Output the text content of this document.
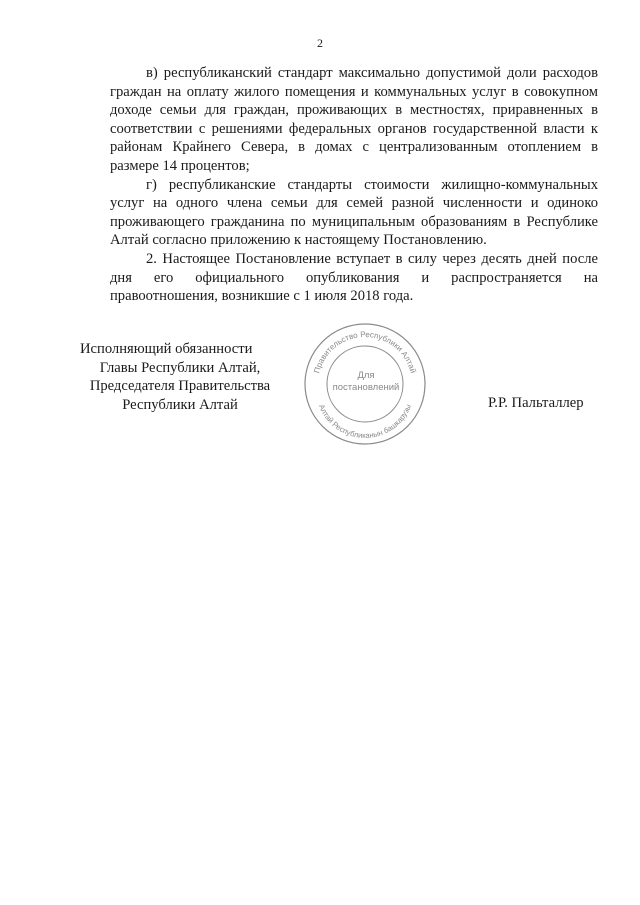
2

в) республиканский стандарт максимально допустимой доли расходов граждан на оплату жилого помещения и коммунальных услуг в совокупном доходе семьи для граждан, проживающих в местностях, приравненных в соответствии с решениями федеральных органов государственной власти к районам Крайнего Севера, в домах с централизованным отоплением в размере 14 процентов;

г) республиканские стандарты стоимости жилищно-коммунальных услуг на одного члена семьи для семей разной численности и одиноко проживающего гражданина по муниципальным образованиям в Республике Алтай согласно приложению к настоящему Постановлению.

2. Настоящее Постановление вступает в силу через десять дней после дня его официального опубликования и распространяется на правоотношения, возникшие с 1 июля 2018 года.

Исполняющий обязанности
Главы Республики Алтай,
Председателя Правительства
Республики Алтай	Р.Р. Пальталлер
Правительство Республики Алтай
Алтай Республиканын башкарузы
Для
постановлений
